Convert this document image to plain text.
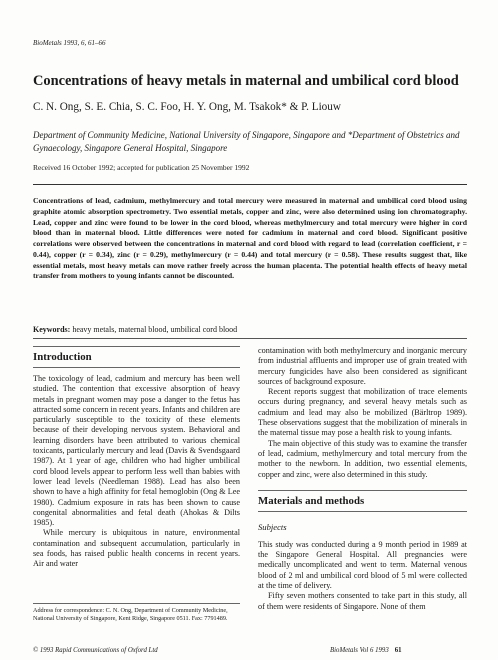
BioMetals 1993, 6, 61–66
Concentrations of heavy metals in maternal and umbilical cord blood
C. N. Ong, S. E. Chia, S. C. Foo, H. Y. Ong, M. Tsakok* & P. Liouw
Department of Community Medicine, National University of Singapore, Singapore and *Department of Obstetrics and Gynaecology, Singapore General Hospital, Singapore
Received 16 October 1992; accepted for publication 25 November 1992
Concentrations of lead, cadmium, methylmercury and total mercury were measured in maternal and umbilical cord blood using graphite atomic absorption spectrometry. Two essential metals, copper and zinc, were also determined using ion chromatography. Lead, copper and zinc were found to be lower in the cord blood, whereas methylmercury and total mercury were higher in cord blood than in maternal blood. Little differences were noted for cadmium in maternal and cord blood. Significant positive correlations were observed between the concentrations in maternal and cord blood with regard to lead (correlation coefficient, r = 0.44), copper (r = 0.34), zinc (r = 0.29), methylmercury (r = 0.44) and total mercury (r = 0.58). These results suggest that, like essential metals, most heavy metals can move rather freely across the human placenta. The potential health effects of heavy metal transfer from mothers to young infants cannot be discounted.
Keywords: heavy metals, maternal blood, umbilical cord blood
Introduction

The toxicology of lead, cadmium and mercury has been well studied. The contention that excessive absorption of heavy metals in pregnant women may pose a danger to the fetus has attracted some concern in recent years. Infants and children are particularly susceptible to the toxicity of these elements because of their developing nervous system. Behavioral and learning disorders have been attributed to various chemical toxicants, particularly mercury and lead (Davis & Svendsgaard 1987). At 1 year of age, children who had higher umbilical cord blood levels appear to perform less well than babies with lower lead levels (Needleman 1988). Lead has also been shown to have a high affinity for fetal hemoglobin (Ong & Lee 1980). Cadmium exposure in rats has been shown to cause congenital abnormalities and fetal death (Ahokas & Dilts 1985).

While mercury is ubiquitous in nature, environmental contamination and subsequent accumulation, particularly in sea foods, has raised public health concerns in recent years. Air and water

Address for correspondence: C. N. Ong, Department of Community Medicine, National University of Singapore, Kent Ridge, Singapore 0511. Fax: 7791489.

contamination with both methylmercury and inorganic mercury from industrial affluents and improper use of grain treated with mercury fungicides have also been considered as significant sources of background exposure.

Recent reports suggest that mobilization of trace elements occurs during pregnancy, and several heavy metals such as cadmium and lead may also be mobilized (Bärltrop 1989). These observations suggest that the mobilization of minerals in the maternal tissue may pose a health risk to young infants.

The main objective of this study was to examine the transfer of lead, cadmium, methylmercury and total mercury from the mother to the newborn. In addition, two essential elements, copper and zinc, were also determined in this study.

Materials and methods
Subjects

This study was conducted during a 9 month period in 1989 at the Singapore General Hospital. All pregnancies were medically uncomplicated and went to term. Maternal venous blood of 2 ml and umbilical cord blood of 5 ml were collected at the time of delivery.

Fifty seven mothers consented to take part in this study, all of them were residents of Singapore. None of them

© 1993 Rapid Communications of Oxford Ltd	BioMetals Vol 6 1993 61
